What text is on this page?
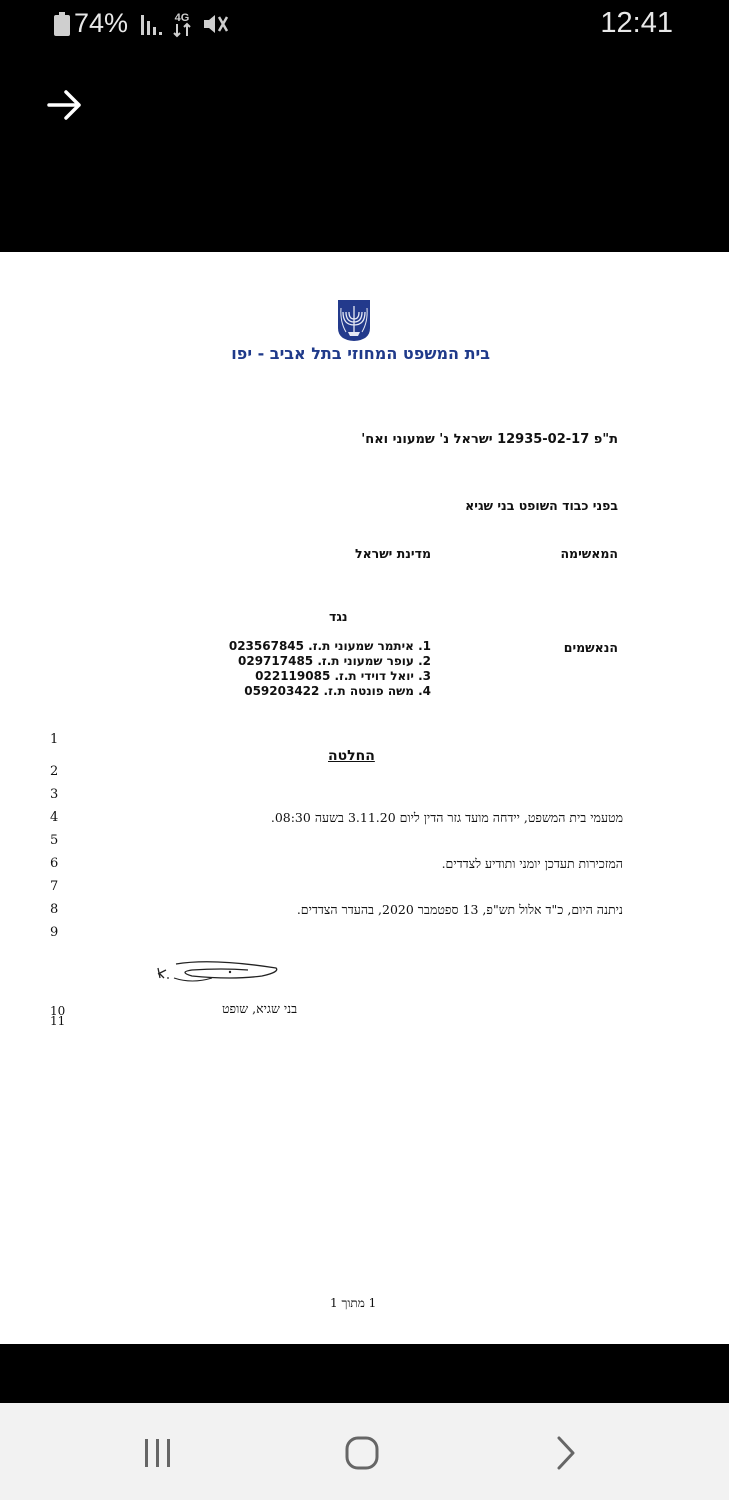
74%	4G	12:41
בית המשפט המחוזי בתל אביב - יפו
ת"פ 12935-02-17 ישראל נ' שמעוני ואח'
בפני כבוד השופט בני שגיא
המאשימה
מדינת ישראל
נגד
הנאשמים
1. איתמר שמעוני ת.ז. 023567845
2. עופר שמעוני ת.ז. 029717485
3. יואל דוידי ת.ז. 022119085
4. משה פונטה ת.ז. 059203422
1
2
3
4
5
6
7
8
9
10
11
החלטה
מטעמי בית המשפט, יידחה מועד גזר הדין ליום 3.11.20 בשעה 08:30.
המזכירות תעדכן יומני ותודיע לצדדים.
ניתנה היום, כ"ד אלול תש"פ, 13 ספטמבר 2020, בהעדר הצדדים.
בני שגיא, שופט
1 מתוך 1
